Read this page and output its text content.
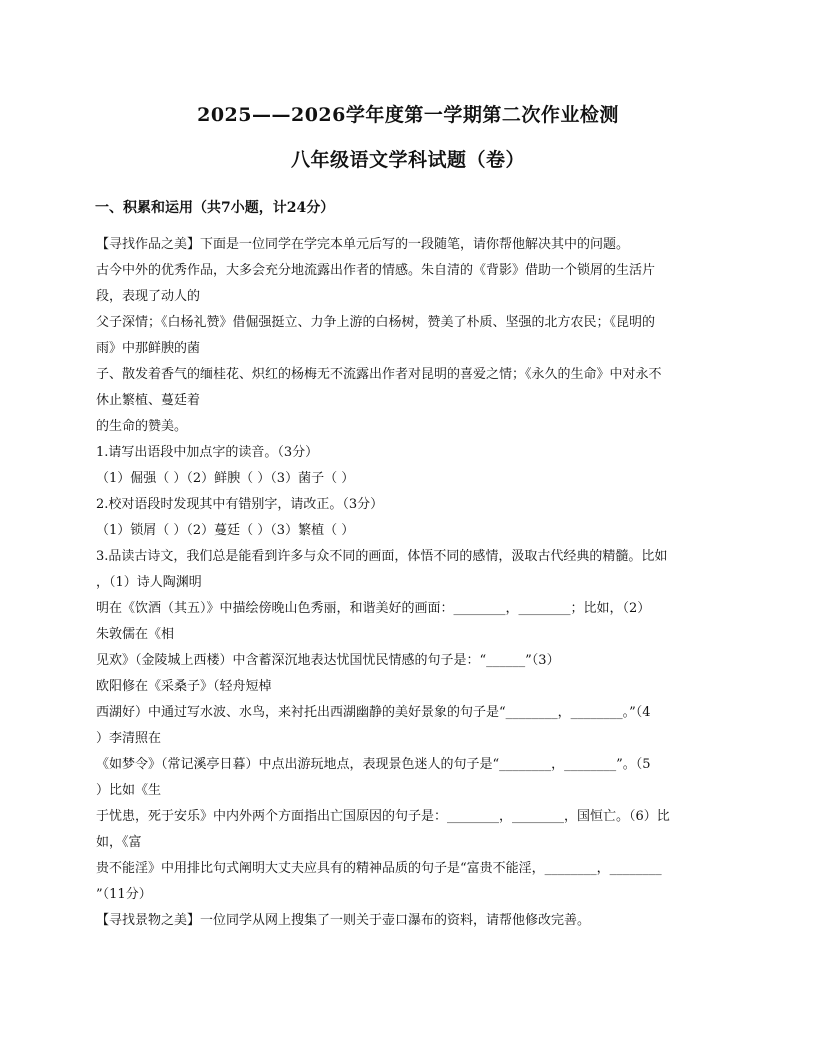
2025——2026学年度第一学期第二次作业检测
八年级语文学科试题（卷）
一、积累和运用（共7小题，计24分）
【寻找作品之美】下面是一位同学在学完本单元后写的一段随笔，请你帮他解决其中的问题。
古今中外的优秀作品，大多会充分地流露出作者的情感。朱自清的《背影》借助一个锁屑的生活片
段，表现了动人的
父子深情；《白杨礼赞》借倔强挺立、力争上游的白杨树，赞美了朴质、坚强的北方农民；《昆明的
雨》中那鲜腴的菌
子、散发着香气的缅桂花、炽红的杨梅无不流露出作者对昆明的喜爱之情；《永久的生命》中对永不
休止繁植、蔓廷着
的生命的赞美。
1.请写出语段中加点字的读音。（3分）
（1）倔强（ ）（2）鲜腴（ ）（3）菌子（ ）
2.校对语段时发现其中有错别字，请改正。（3分）
（1）锁屑（ ）（2）蔓廷（ ）（3）繁植（ ）
3.品读古诗文，我们总是能看到许多与众不同的画面，体悟不同的感情，汲取古代经典的精髓。比如
，（1）诗人陶渊明
明在《饮酒（其五）》中描绘傍晚山色秀丽，和谐美好的画面：________，________；比如，（2）
朱敦儒在《相
见欢》（金陵城上西楼）中含蓄深沉地表达忧国忧民情感的句子是：“______”（3）
欧阳修在《采桑子》（轻舟短棹
西湖好）中通过写水波、水鸟，来衬托出西湖幽静的美好景象的句子是“________，________。”（4
）李清照在
《如梦令》（常记溪亭日暮）中点出游玩地点，表现景色迷人的句子是“________，________”。（5
）比如《生
于忧患，死于安乐》中内外两个方面指出亡国原因的句子是：________，________，国恒亡。（6）比
如，《富
贵不能淫》中用排比句式阐明大丈夫应具有的精神品质的句子是“富贵不能淫，________，________
”（11分）
【寻找景物之美】一位同学从网上搜集了一则关于壶口瀑布的资料，请帮他修改完善。
